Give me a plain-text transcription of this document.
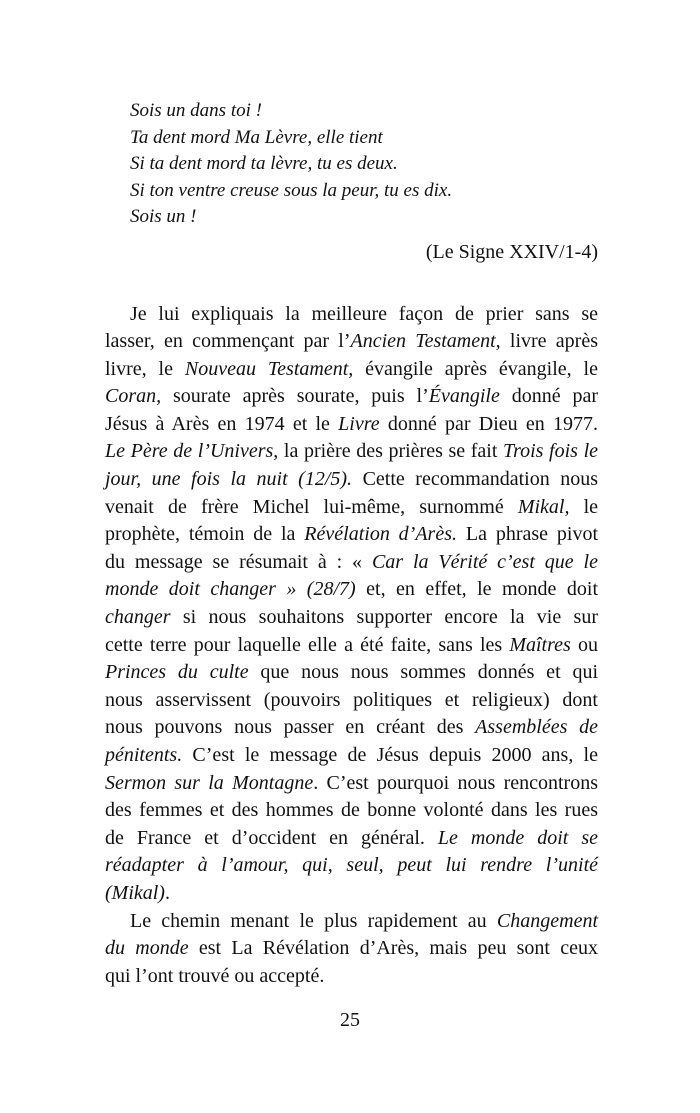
Sois un dans toi !
Ta dent mord Ma Lèvre, elle tient
Si ta dent mord ta lèvre, tu es deux.
Si ton ventre creuse sous la peur, tu es dix.
Sois un !
(Le Signe XXIV/1-4)
Je lui expliquais la meilleure façon de prier sans se
lasser, en commençant par l’Ancien Testament, livre après
livre, le Nouveau Testament, évangile après évangile, le
Coran, sourate après sourate, puis l’Évangile donné par
Jésus à Arès en 1974 et le Livre donné par Dieu en 1977.
Le Père de l’Univers, la prière des prières se fait Trois fois le
jour, une fois la nuit (12/5). Cette recommandation nous
venait de frère Michel lui-même, surnommé Mikal, le
prophète, témoin de la Révélation d’Arès. La phrase pivot
du message se résumait à : « Car la Vérité c’est que le
monde doit changer » (28/7) et, en effet, le monde doit
changer si nous souhaitons supporter encore la vie sur
cette terre pour laquelle elle a été faite, sans les Maîtres ou
Princes du culte que nous nous sommes donnés et qui
nous asservissent (pouvoirs politiques et religieux) dont
nous pouvons nous passer en créant des Assemblées de
pénitents. C’est le message de Jésus depuis 2000 ans, le
Sermon sur la Montagne. C’est pourquoi nous rencontrons
des femmes et des hommes de bonne volonté dans les rues
de France et d’occident en général. Le monde doit se
réadapter à l’amour, qui, seul, peut lui rendre l’unité
(Mikal).
Le chemin menant le plus rapidement au Changement
du monde est La Révélation d’Arès, mais peu sont ceux
qui l’ont trouvé ou accepté.
25
